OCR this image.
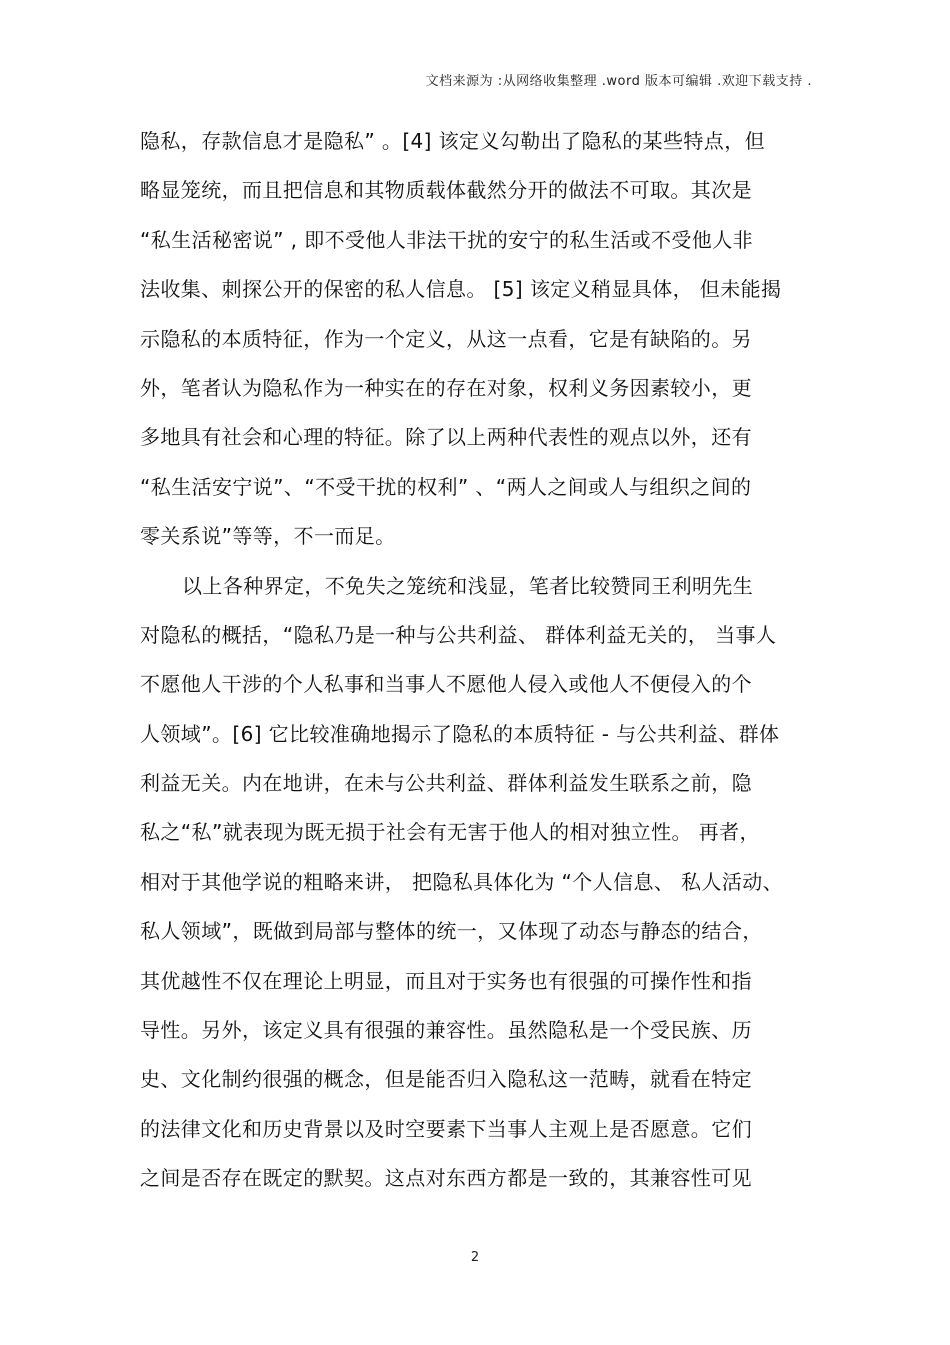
文档来源为 :从网络收集整理 .word 版本可编辑 .欢迎下载支持 .
隐私，存款信息才是隐私” 。[4] 该定义勾勒出了隐私的某些特点，但
略显笼统，而且把信息和其物质载体截然分开的做法不可取。其次是
“私生活秘密说” , 即不受他人非法干扰的安宁的私生活或不受他人非
法收集、刺探公开的保密的私人信息。 [5] 该定义稍显具体， 但未能揭
示隐私的本质特征，作为一个定义，从这一点看，它是有缺陷的。另
外，笔者认为隐私作为一种实在的存在对象，权利义务因素较小，更
多地具有社会和心理的特征。除了以上两种代表性的观点以外，还有
“私生活安宁说”、“不受干扰的权利” 、“两人之间或人与组织之间的
零关系说”等等，不一而足。
以上各种界定，不免失之笼统和浅显，笔者比较赞同王利明先生
对隐私的概括，“隐私乃是一种与公共利益、 群体利益无关的， 当事人
不愿他人干涉的个人私事和当事人不愿他人侵入或他人不便侵入的个
人领域”。[6] 它比较准确地揭示了隐私的本质特征 - 与公共利益、群体
利益无关。内在地讲，在未与公共利益、群体利益发生联系之前，隐
私之“私”就表现为既无损于社会有无害于他人的相对独立性。 再者，
相对于其他学说的粗略来讲， 把隐私具体化为 “个人信息、 私人活动、
私人领域”，既做到局部与整体的统一，又体现了动态与静态的结合，
其优越性不仅在理论上明显，而且对于实务也有很强的可操作性和指
导性。另外，该定义具有很强的兼容性。虽然隐私是一个受民族、历
史、文化制约很强的概念，但是能否归入隐私这一范畴，就看在特定
的法律文化和历史背景以及时空要素下当事人主观上是否愿意。它们
之间是否存在既定的默契。这点对东西方都是一致的，其兼容性可见
2
